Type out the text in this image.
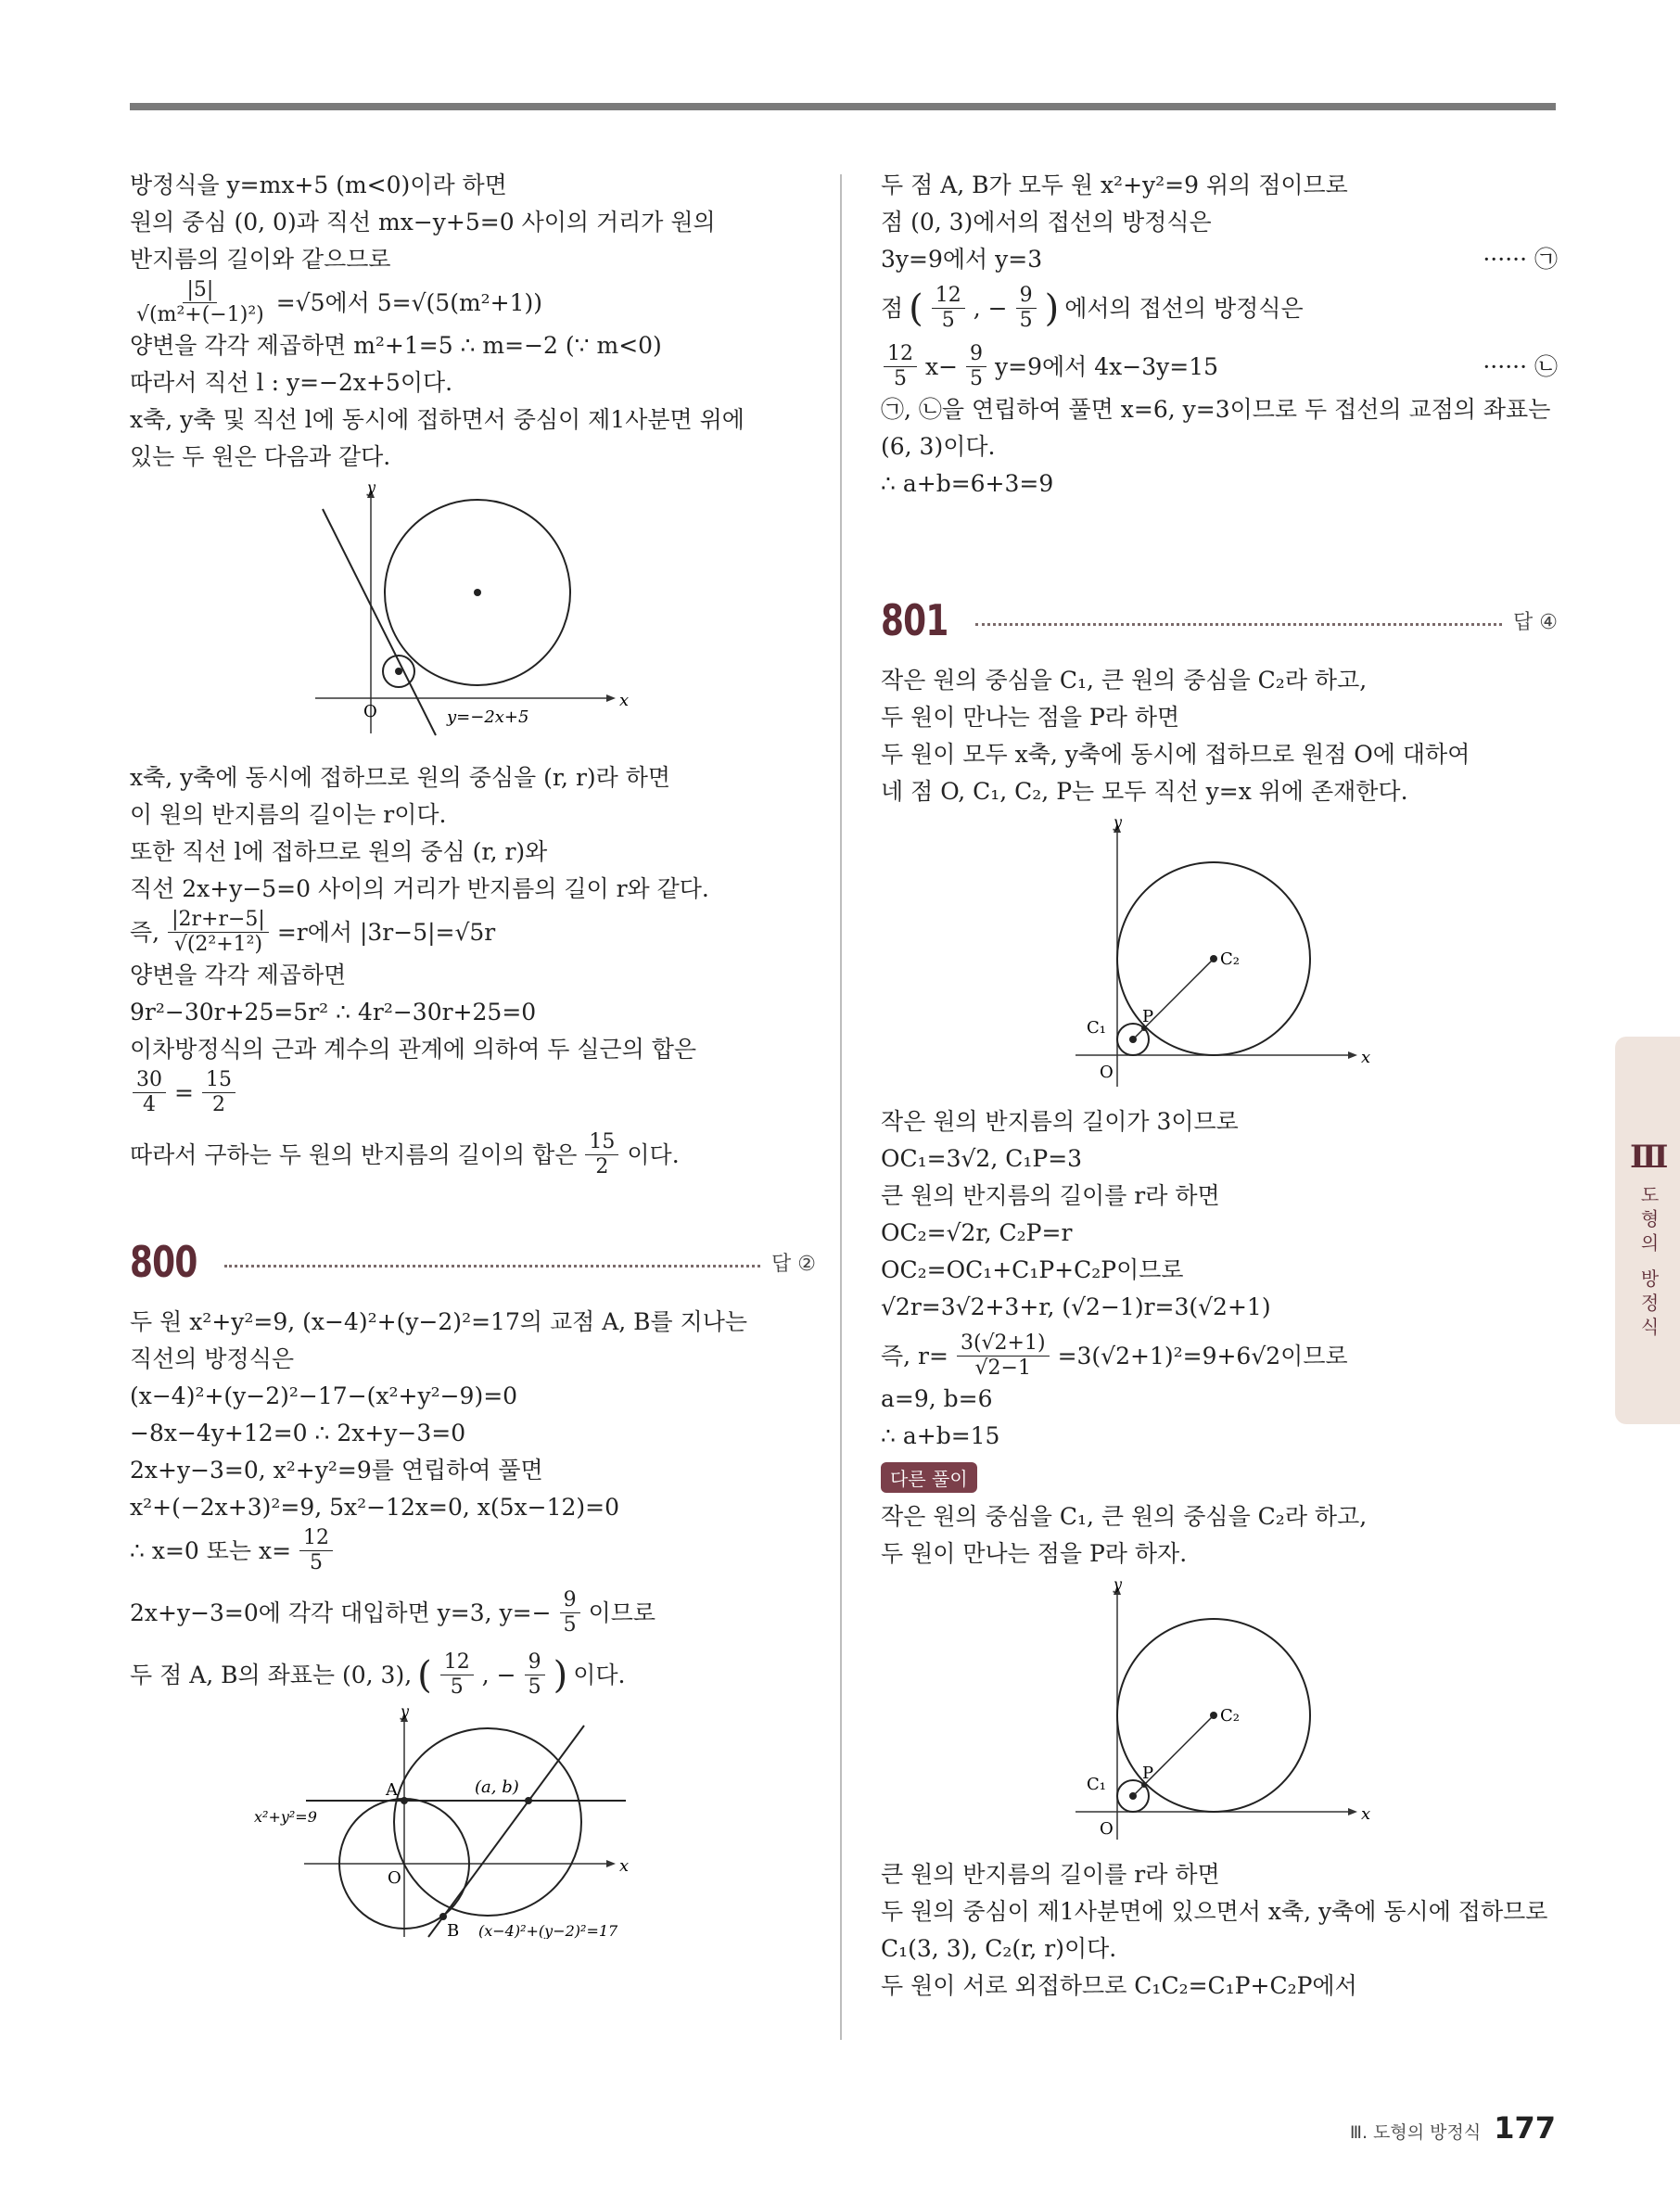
방정식을 y=mx+5 (m<0)이라 하면

원의 중심 (0, 0)과 직선 mx−y+5=0 사이의 거리가 원의

반지름의 길이와 같으므로

$\frac{|5|}{\text{√(m²+(−1)²)}} =√5$에서 5=√(5(m²+1))

양변을 각각 제곱하면 m²+1=5 ∴ m=−2 (∵ m<0)

따라서 직선 l : y=−2x+5이다.

x축, y축 및 직선 l에 동시에 접하면서 중심이 제1사분면 위에

있는 두 원은 다음과 같다.

y
x
O	y=−2x+5

x축, y축에 동시에 접하므로 원의 중심을 (r, r)라 하면

이 원의 반지름의 길이는 r이다.

또한 직선 l에 접하므로 원의 중심 (r, r)와

직선 2x+y−5=0 사이의 거리가 반지름의 길이 r와 같다.

즉, $\frac{|2r+r-5|}{\text{√(2²+1²)}} =r$에서 |3r−5|=√5r

양변을 각각 제곱하면

9r²−30r+25=5r² ∴ 4r²−30r+25=0

이차방정식의 근과 계수의 관계에 의하여 두 실근의 합은

$\frac{30}{4} = \frac{15}{2}$
따라서 구하는 두 원의 반지름의 길이의 합은 15
2 이다.
800	답 ②

두 원 x²+y²=9, (x−4)²+(y−2)²=17의 교점 A, B를 지나는

직선의 방정식은

(x−4)²+(y−2)²−17−(x²+y²−9)=0

−8x−4y+12=0 ∴ 2x+y−3=0

2x+y−3=0, x²+y²=9를 연립하여 풀면

x²+(−2x+3)²=9, 5x²−12x=0, x(5x−12)=0

∴ x=0 또는 $x= \frac{12}{5}$
2x+y−3=0에 각각 대입하면 y=3, $y=- \frac{9}{5}$ 이므로
두 점 A, B의 좌표는 (0, 3), ( 12
5 , − $\frac{9}{5}$ ) 이다.
y
x
O
A
B
(a, b)
x²+y²=9
(x−4)²+(y−2)²=17

두 점 A, B가 모두 원 x²+y²=9 위의 점이므로

점 (0, 3)에서의 접선의 방정식은

3y=9에서 y=3	······ ㉠

점 ( 12
5 , − $\frac{9}{5}$ ) 에서의 접선의 방정식은
12
5 $x- \frac{9}{5} y=9$에서 4x−3y=15	······ ㉡

㉠, ㉡을 연립하여 풀면 x=6, y=3이므로 두 접선의 교점의 좌표는

(6, 3)이다.

∴ a+b=6+3=9

801	답 ④

작은 원의 중심을 C₁, 큰 원의 중심을 C₂라 하고,

두 원이 만나는 점을 P라 하면

두 원이 모두 x축, y축에 동시에 접하므로 원점 O에 대하여

네 점 O, C₁, C₂, P는 모두 직선 y=x 위에 존재한다.

y
x
O
C₂
C₁
P

작은 원의 반지름의 길이가 3이므로

OC₁=3√2, C₁P=3

큰 원의 반지름의 길이를 r라 하면

OC₂=√2r, C₂P=r

OC₂=OC₁+C₁P+C₂P이므로

√2r=3√2+3+r, (√2−1)r=3(√2+1)

즉, $r= \frac{3(√2+1)}{√2-1} =3(√2+1)^2=9+6√2$이므로

a=9, b=6

∴ a+b=15

다른 풀이

작은 원의 중심을 C₁, 큰 원의 중심을 C₂라 하고,

두 원이 만나는 점을 P라 하자.

y
x
O
C₂
C₁
P

큰 원의 반지름의 길이를 r라 하면

두 원의 중심이 제1사분면에 있으면서 x축, y축에 동시에 접하므로

C₁(3, 3), C₂(r, r)이다.

두 원이 서로 외접하므로 C₁C₂=C₁P+C₂P에서

Ⅲ
도형의 방정식
Ⅲ. 도형의 방정식 177
